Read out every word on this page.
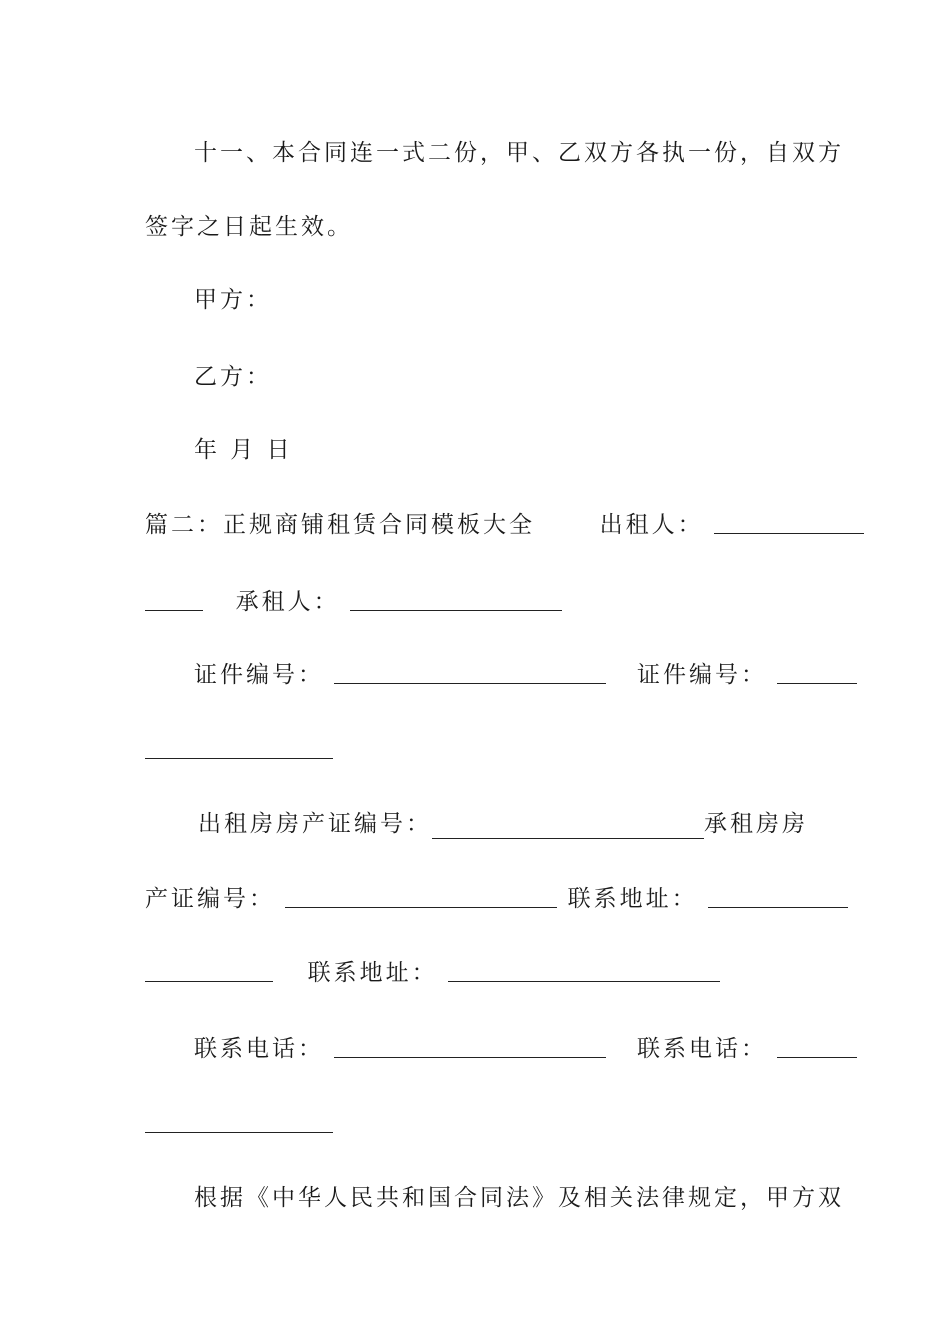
十一、本合同连一式二份，甲、乙双方各执一份，自双方
签字之日起生效。
甲方：
乙方：
年 月 日
篇二：正规商铺租赁合同模板大全	出租人：
承租人：
证件编号：	证件编号：
出租房房产证编号：	承租房房
产证编号：	联系地址：
联系地址：
联系电话：	联系电话：
根据《中华人民共和国合同法》及相关法律规定，甲方双
